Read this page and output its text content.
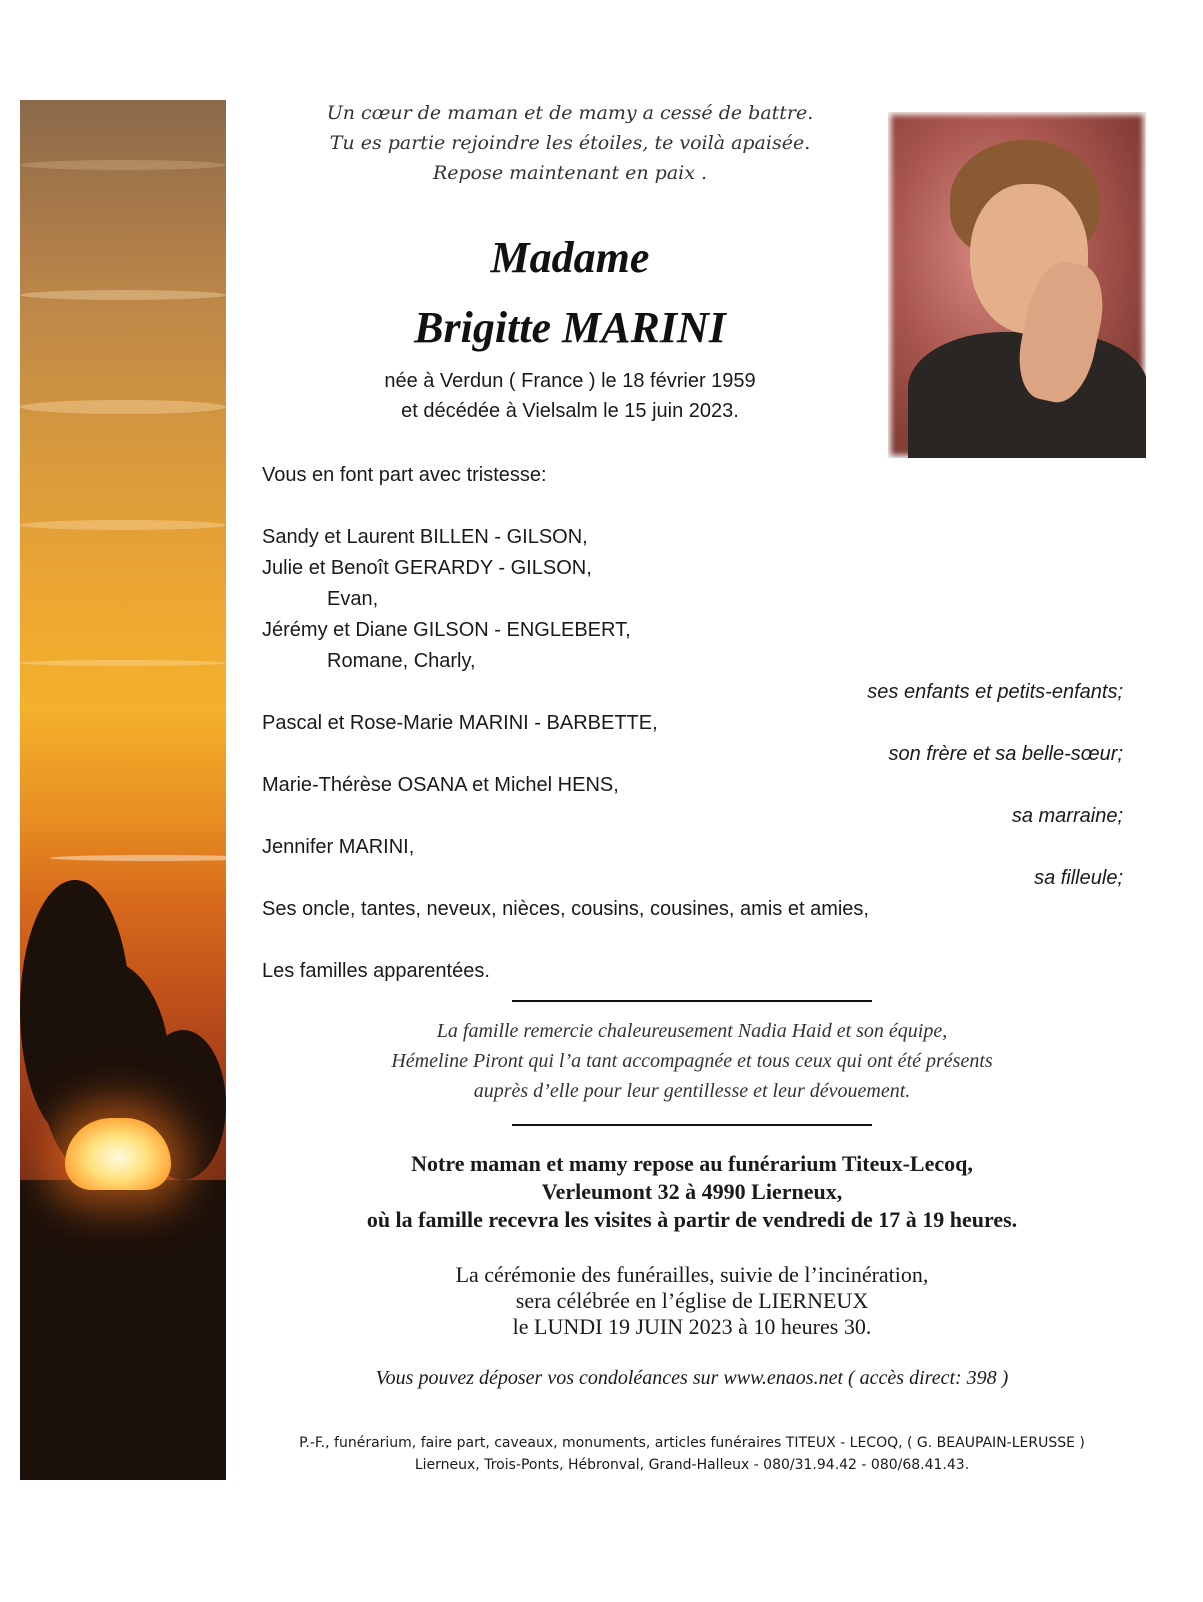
Un cœur de maman et de mamy a cessé de battre.
Tu es partie rejoindre les étoiles, te voilà apaisée.
Repose maintenant en paix .
Madame
Brigitte MARINI
née à Verdun ( France ) le 18 février 1959
et décédée à Vielsalm le 15 juin 2023.
Vous en font part avec tristesse:
Sandy et Laurent BILLEN - GILSON,
Julie et Benoît GERARDY - GILSON,
Evan,
Jérémy et Diane GILSON - ENGLEBERT,
Romane, Charly,
ses enfants et petits-enfants;
Pascal et Rose-Marie MARINI - BARBETTE,
son frère et sa belle-sœur;
Marie-Thérèse OSANA et Michel HENS,
sa marraine;
Jennifer MARINI,
sa filleule;
Ses oncle, tantes, neveux, nièces, cousins, cousines, amis et amies,
Les familles apparentées.
La famille remercie chaleureusement Nadia Haid et son équipe,
Hémeline Piront qui l’a tant accompagnée et tous ceux qui ont été présents
auprès d’elle pour leur gentillesse et leur dévouement.
Notre maman et mamy repose au funérarium Titeux-Lecoq,
Verleumont 32 à 4990 Lierneux,
où la famille recevra les visites à partir de vendredi de 17 à 19 heures.
La cérémonie des funérailles, suivie de l’incinération,
sera célébrée en l’église de LIERNEUX
le LUNDI 19 JUIN 2023 à 10 heures 30.
Vous pouvez déposer vos condoléances sur www.enaos.net ( accès direct: 398 )
P.-F., funérarium, faire part, caveaux, monuments, articles funéraires TITEUX - LECOQ, ( G. BEAUPAIN-LERUSSE )
Lierneux, Trois-Ponts, Hébronval, Grand-Halleux - 080/31.94.42 - 080/68.41.43.
